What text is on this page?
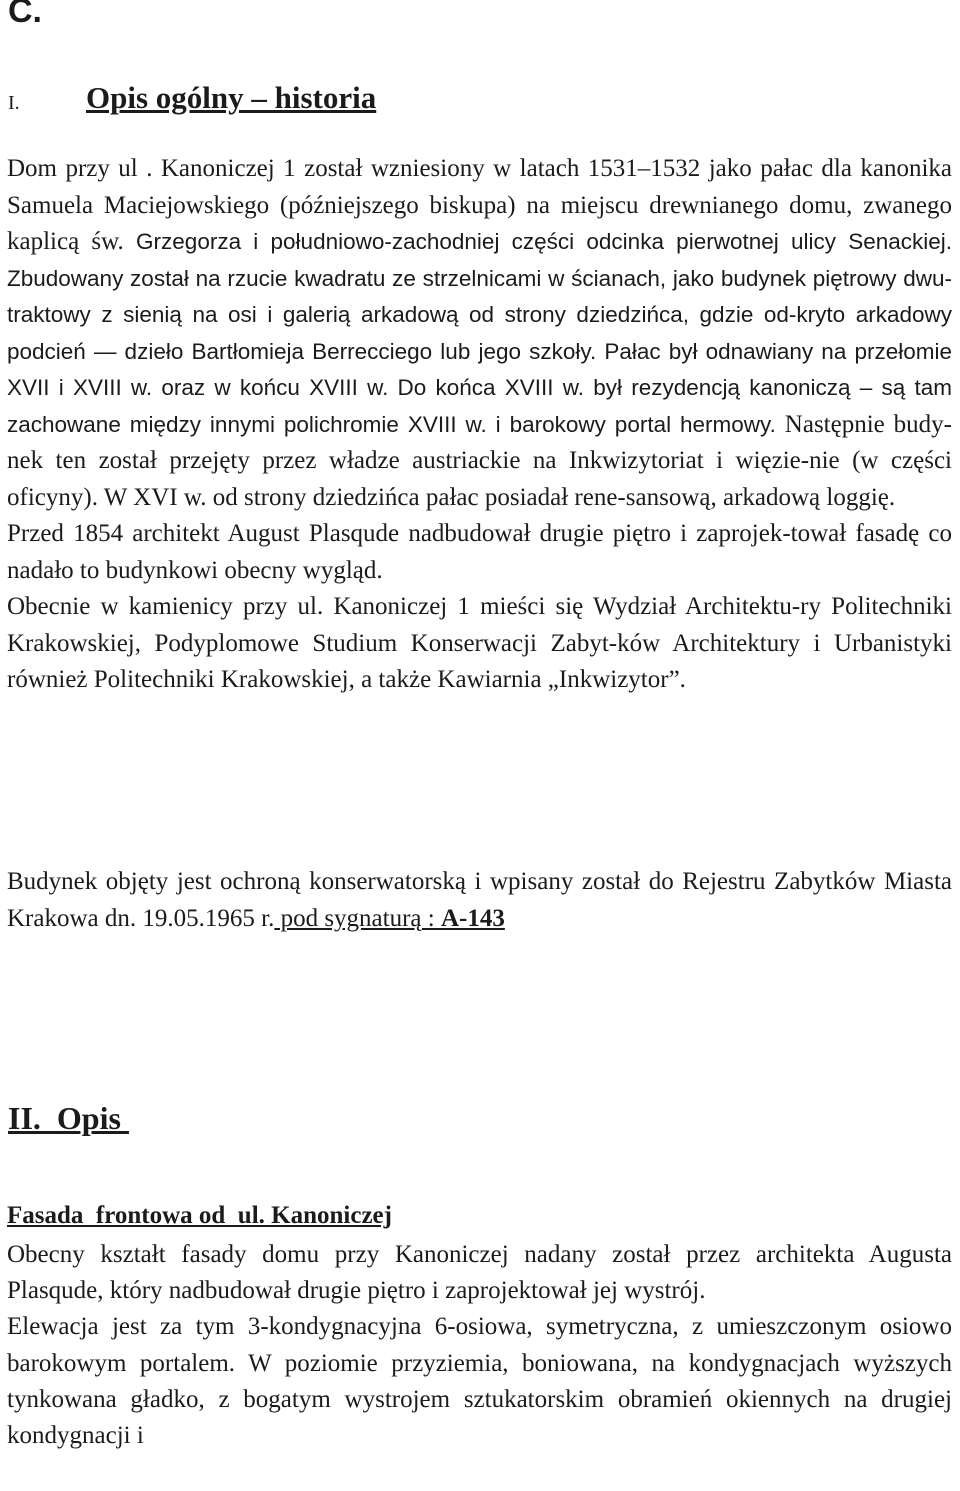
C.
I. Opis ogólny – historia

Dom przy ul . Kanoniczej 1 został wzniesiony w latach 1531–1532 jako pałac dla kanonika Samuela Maciejowskiego (późniejszego biskupa) na miejscu drewnianego domu, zwanego kaplicą św. Grzegorza i południowo-zachodniej części odcinka pierwotnej ulicy Senackiej. Zbudowany został na rzucie kwadratu ze strzelnicami w ścianach, jako budynek piętrowy dwu-traktowy z sienią na osi i galerią arkadową od strony dziedzińca, gdzie od-kryto arkadowy podcień — dzieło Bartłomieja Berrecciego lub jego szkoły. Pałac był odnawiany na przełomie XVII i XVIII w. oraz w końcu XVIII w. Do końca XVIII w. był rezydencją kanoniczą – są tam zachowane między innymi polichromie XVIII w. i barokowy portal hermowy. Następnie budy-nek ten został przejęty przez władze austriackie na Inkwizytoriat i więzie-nie (w części oficyny). W XVI w. od strony dziedzińca pałac posiadał rene-sansową, arkadową loggię.
Przed 1854 architekt August Plasqude nadbudował drugie piętro i zaprojek-tował fasadę co nadało to budynkowi obecny wygląd.
Obecnie w kamienicy przy ul. Kanoniczej 1 mieści się Wydział Architektu-ry Politechniki Krakowskiej, Podyplomowe Studium Konserwacji Zabyt-ków Architektury i Urbanistyki również Politechniki Krakowskiej, a także Kawiarnia „Inkwizytor”.

Budynek objęty jest ochroną konserwatorską i wpisany został do Rejestru Zabytków Miasta Krakowa dn. 19.05.1965 r. pod sygnaturą : A-143

II.  Opis
Fasada  frontowa od  ul. Kanoniczej

Obecny kształt fasady domu przy Kanoniczej nadany został przez architekta Augusta Plasqude, który nadbudował drugie piętro i zaprojektował jej wystrój.
Elewacja jest za tym 3-kondygnacyjna 6-osiowa, symetryczna, z umieszczonym osiowo barokowym portalem. W poziomie przyziemia, boniowana, na kondygnacjach wyższych tynkowana gładko, z bogatym wystrojem sztukatorskim obramień okiennych na drugiej kondygnacji i
